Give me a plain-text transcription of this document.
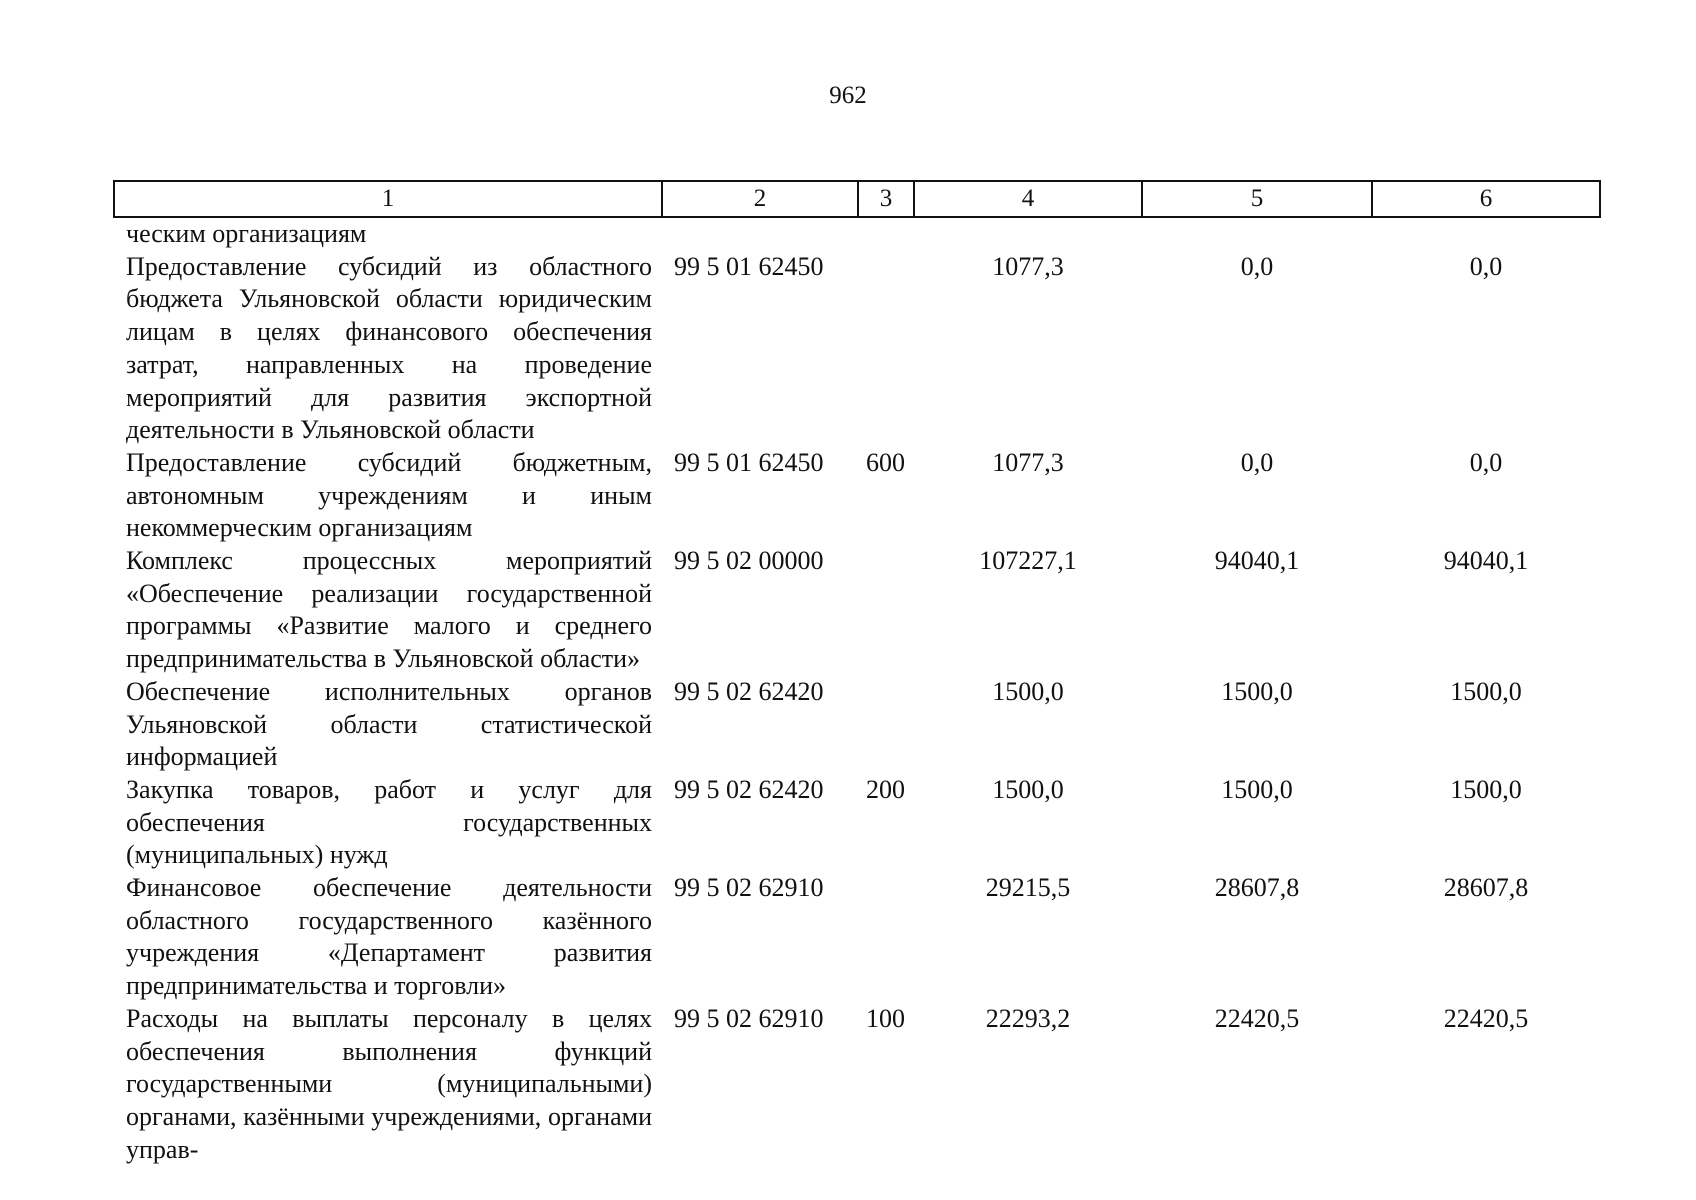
962
1	2	3	4	5	6
ческим организациям					
Предоставление субсидий из областного бюджета Ульяновской области юридическим лицам в целях финансового обеспечения затрат, направленных на проведение мероприятий для развития экспортной деятельности в Ульяновской области	99 5 01 62450		1077,3	0,0	0,0
Предоставление субсидий бюджетным, автономным учреждениям и иным некоммерческим организациям	99 5 01 62450	600	1077,3	0,0	0,0
Комплекс процессных мероприятий «Обеспечение реализации государственной программы «Развитие малого и среднего предпринимательства в Ульяновской области»	99 5 02 00000		107227,1	94040,1	94040,1
Обеспечение исполнительных органов Ульяновской области статистической информацией	99 5 02 62420		1500,0	1500,0	1500,0
Закупка товаров, работ и услуг для обеспечения государственных (муниципальных) нужд	99 5 02 62420	200	1500,0	1500,0	1500,0
Финансовое обеспечение деятельности областного государственного казённого учреждения «Департамент развития предпринимательства и торговли»	99 5 02 62910		29215,5	28607,8	28607,8
Расходы на выплаты персоналу в целях обеспечения выполнения функций государственными (муниципальными) органами, казёнными учреждениями, органами управ-	99 5 02 62910	100	22293,2	22420,5	22420,5
